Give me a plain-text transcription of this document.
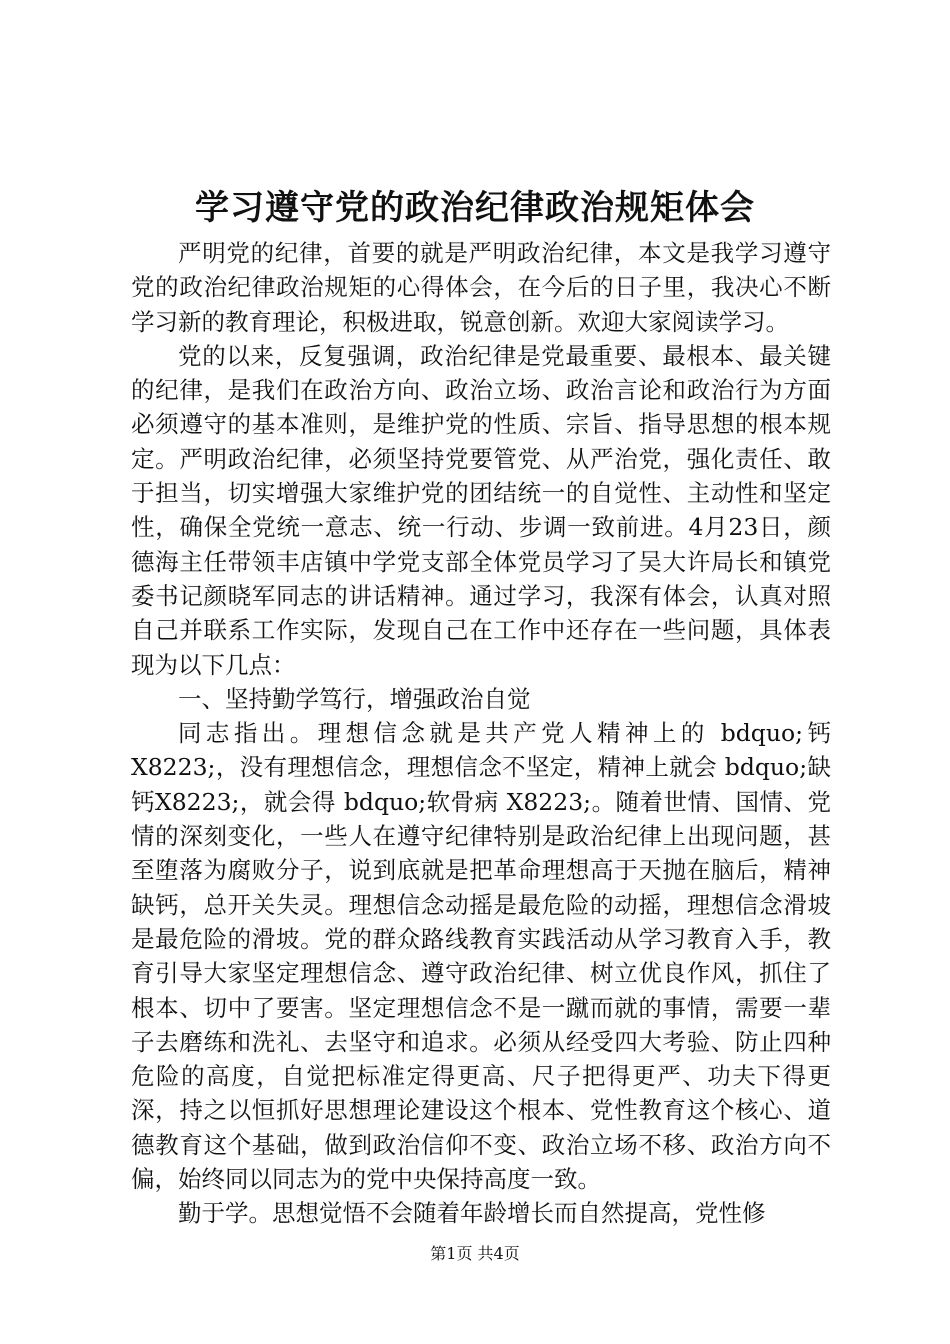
学习遵守党的政治纪律政治规矩体会

严明党的纪律，首要的就是严明政治纪律，本文是我学习遵守党的政治纪律政治规矩的心得体会，在今后的日子里，我决心不断学习新的教育理论，积极进取，锐意创新。欢迎大家阅读学习。

党的以来，反复强调，政治纪律是党最重要、最根本、最关键的纪律，是我们在政治方向、政治立场、政治言论和政治行为方面必须遵守的基本准则，是维护党的性质、宗旨、指导思想的根本规定。严明政治纪律，必须坚持党要管党、从严治党，强化责任、敢于担当，切实增强大家维护党的团结统一的自觉性、主动性和坚定性，确保全党统一意志、统一行动、步调一致前进。4月23日，颜德海主任带领丰店镇中学党支部全体党员学习了吴大许局长和镇党委书记颜晓军同志的讲话精神。通过学习，我深有体会，认真对照自己并联系工作实际，发现自己在工作中还存在一些问题，具体表现为以下几点：

一、坚持勤学笃行，增强政治自觉

同志指出。理想信念就是共产党人精神上的 bdquo;钙X8223;，没有理想信念，理想信念不坚定，精神上就会 bdquo;缺钙X8223;，就会得 bdquo;软骨病 X8223;。随着世情、国情、党情的深刻变化，一些人在遵守纪律特别是政治纪律上出现问题，甚至堕落为腐败分子，说到底就是把革命理想高于天抛在脑后，精神缺钙，总开关失灵。理想信念动摇是最危险的动摇，理想信念滑坡是最危险的滑坡。党的群众路线教育实践活动从学习教育入手，教育引导大家坚定理想信念、遵守政治纪律、树立优良作风，抓住了根本、切中了要害。坚定理想信念不是一蹴而就的事情，需要一辈子去磨练和洗礼、去坚守和追求。必须从经受四大考验、防止四种危险的高度，自觉把标准定得更高、尺子把得更严、功夫下得更深，持之以恒抓好思想理论建设这个根本、党性教育这个核心、道德教育这个基础，做到政治信仰不变、政治立场不移、政治方向不偏，始终同以同志为的党中央保持高度一致。

勤于学。思想觉悟不会随着年龄增长而自然提高，党性修

第1页 共4页
